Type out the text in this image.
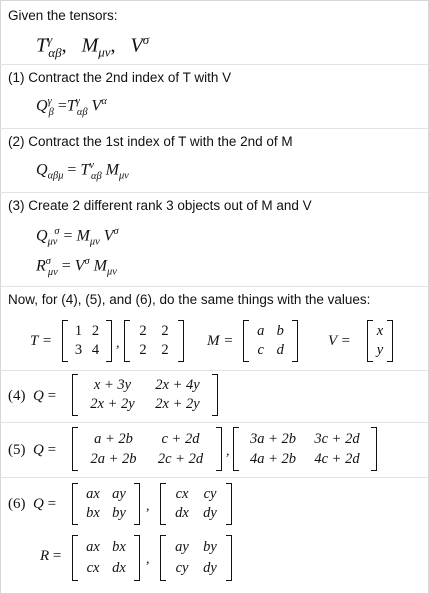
Given the tensors:
$T^\gamma_{\alpha\beta}$,   $M_{\mu\nu}$,   $V^\sigma$
(1) Contract the 2nd index of T with V
$Q^\gamma_\beta =T^\gamma_{\alpha\beta}$ $V^\alpha$
(2) Contract the 1st index of T with the 2nd of M
$Q_{\alpha\beta\mu} = T^\nu_{\alpha\beta}$ $M_{\mu\nu}$
(3) Create 2 different rank 3 objects out of M and V
$Q_{\mu\nu}^\sigma = M_{\mu\nu}$ $V^\sigma$
$R^\sigma_{\mu\nu} = V^\sigma$ $M_{\mu\nu}$
Now, for (4), (5), and (6), do the same things with the values:
T =
1 2
3 4 ,
2 2
2 2
M =
a b
c d
V =
x
y
(4)  Q =
x + 3y 2x + 4y
2x + 2y 2x + 2y
(5)  Q =
a + 2b c + 2d
2a + 2b 2c + 2d ,
3a + 2b 3c + 2d
4a + 2b 4c + 2d
(6)  Q =
ax ay
bx by ,
cx cy
dx dy
R =
ax bx
cx dx
,
ay by
cy dy
